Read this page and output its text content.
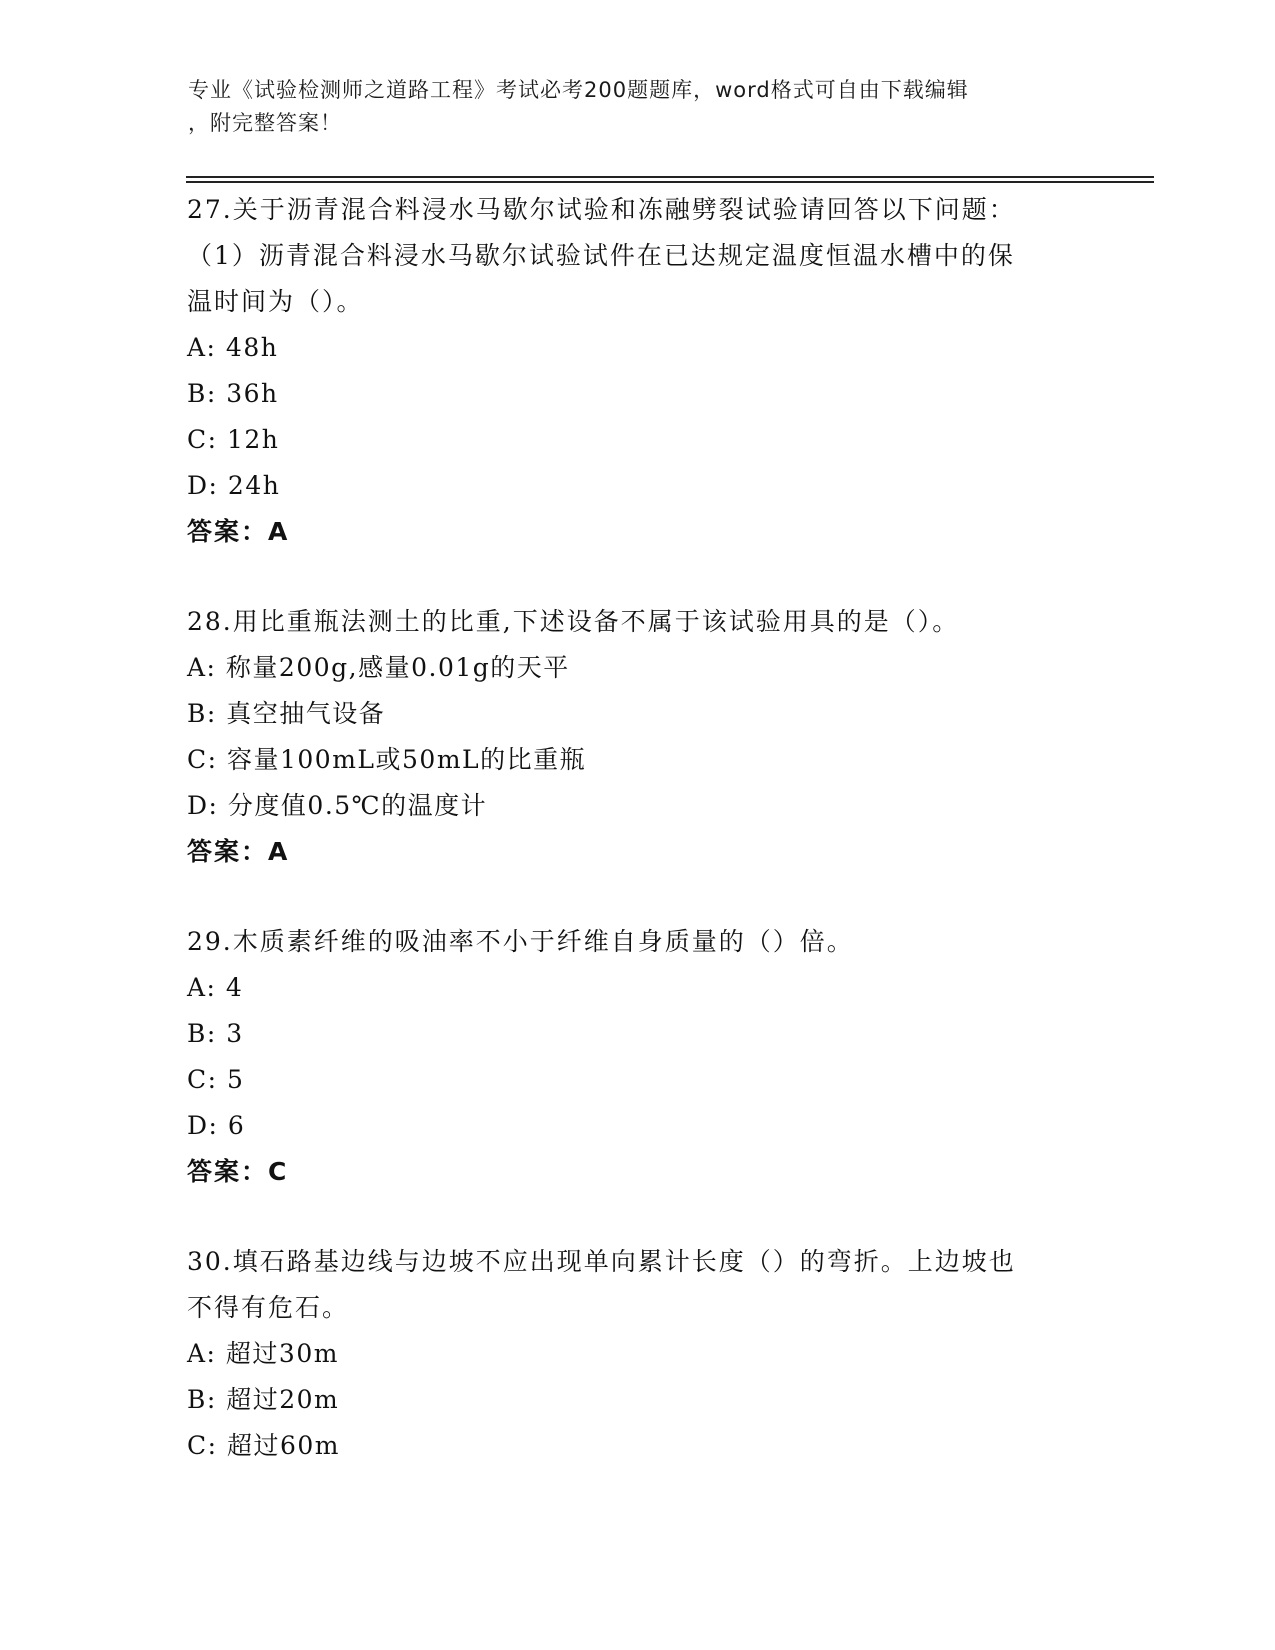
专业《试验检测师之道路工程》考试必考200题题库，word格式可自由下载编辑
，附完整答案！
27.关于沥青混合料浸水马歇尔试验和冻融劈裂试验请回答以下问题：
（1）沥青混合料浸水马歇尔试验试件在已达规定温度恒温水槽中的保
温时间为（）。
A: 48h
B: 36h
C: 12h
D: 24h
答案：A
28.用比重瓶法测土的比重,下述设备不属于该试验用具的是（）。
A: 称量200g,感量0.01g的天平
B: 真空抽气设备
C: 容量100mL或50mL的比重瓶
D: 分度值0.5℃的温度计
答案：A
29.木质素纤维的吸油率不小于纤维自身质量的（）倍。
A: 4
B: 3
C: 5
D: 6
答案：C
30.填石路基边线与边坡不应出现单向累计长度（）的弯折。上边坡也
不得有危石。
A: 超过30m
B: 超过20m
C: 超过60m
